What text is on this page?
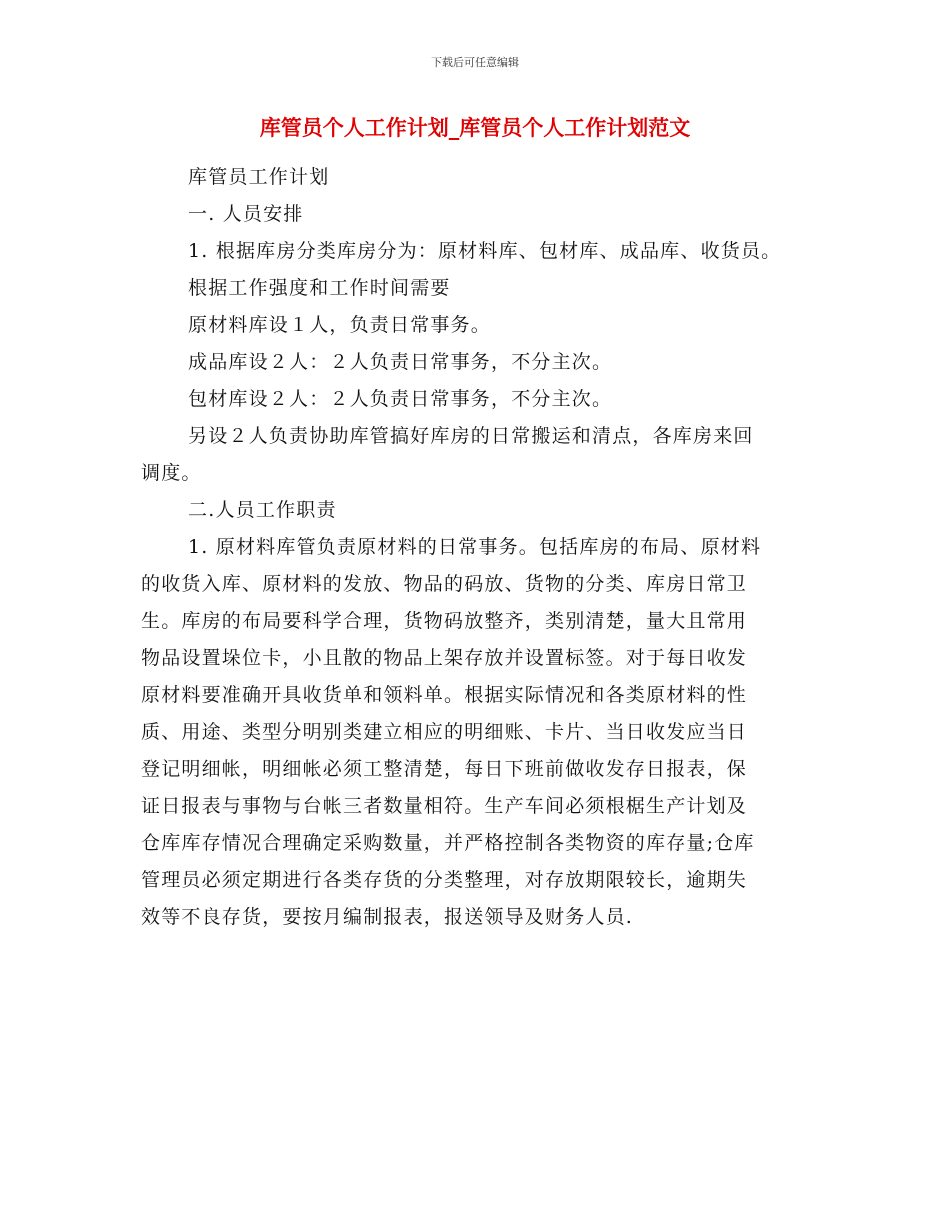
下载后可任意编辑
库管员个人工作计划_库管员个人工作计划范文
库管员工作计划
一. 人员安排
1. 根据库房分类库房分为：原材料库、包材库、成品库、收货员。
根据工作强度和工作时间需要
原材料库设１人，负责日常事务。
成品库设２人：２人负责日常事务，不分主次。
包材库设２人：２人负责日常事务，不分主次。
另设２人负责协助库管搞好库房的日常搬运和清点，各库房来回
调度。
二.人员工作职责
1. 原材料库管负责原材料的日常事务。包括库房的布局、原材料
的收货入库、原材料的发放、物品的码放、货物的分类、库房日常卫
生。库房的布局要科学合理，货物码放整齐，类别清楚，量大且常用
物品设置垛位卡，小且散的物品上架存放并设置标签。对于每日收发
原材料要准确开具收货单和领料单。根据实际情况和各类原材料的性
质、用途、类型分明别类建立相应的明细账、卡片、当日收发应当日
登记明细帐，明细帐必须工整清楚，每日下班前做收发存日报表，保
证日报表与事物与台帐三者数量相符。生产车间必须根椐生产计划及
仓库库存情况合理确定采购数量，并严格控制各类物资的库存量;仓库
管理员必须定期进行各类存货的分类整理，对存放期限较长，逾期失
效等不良存货，要按月编制报表，报送领导及财务人员.
